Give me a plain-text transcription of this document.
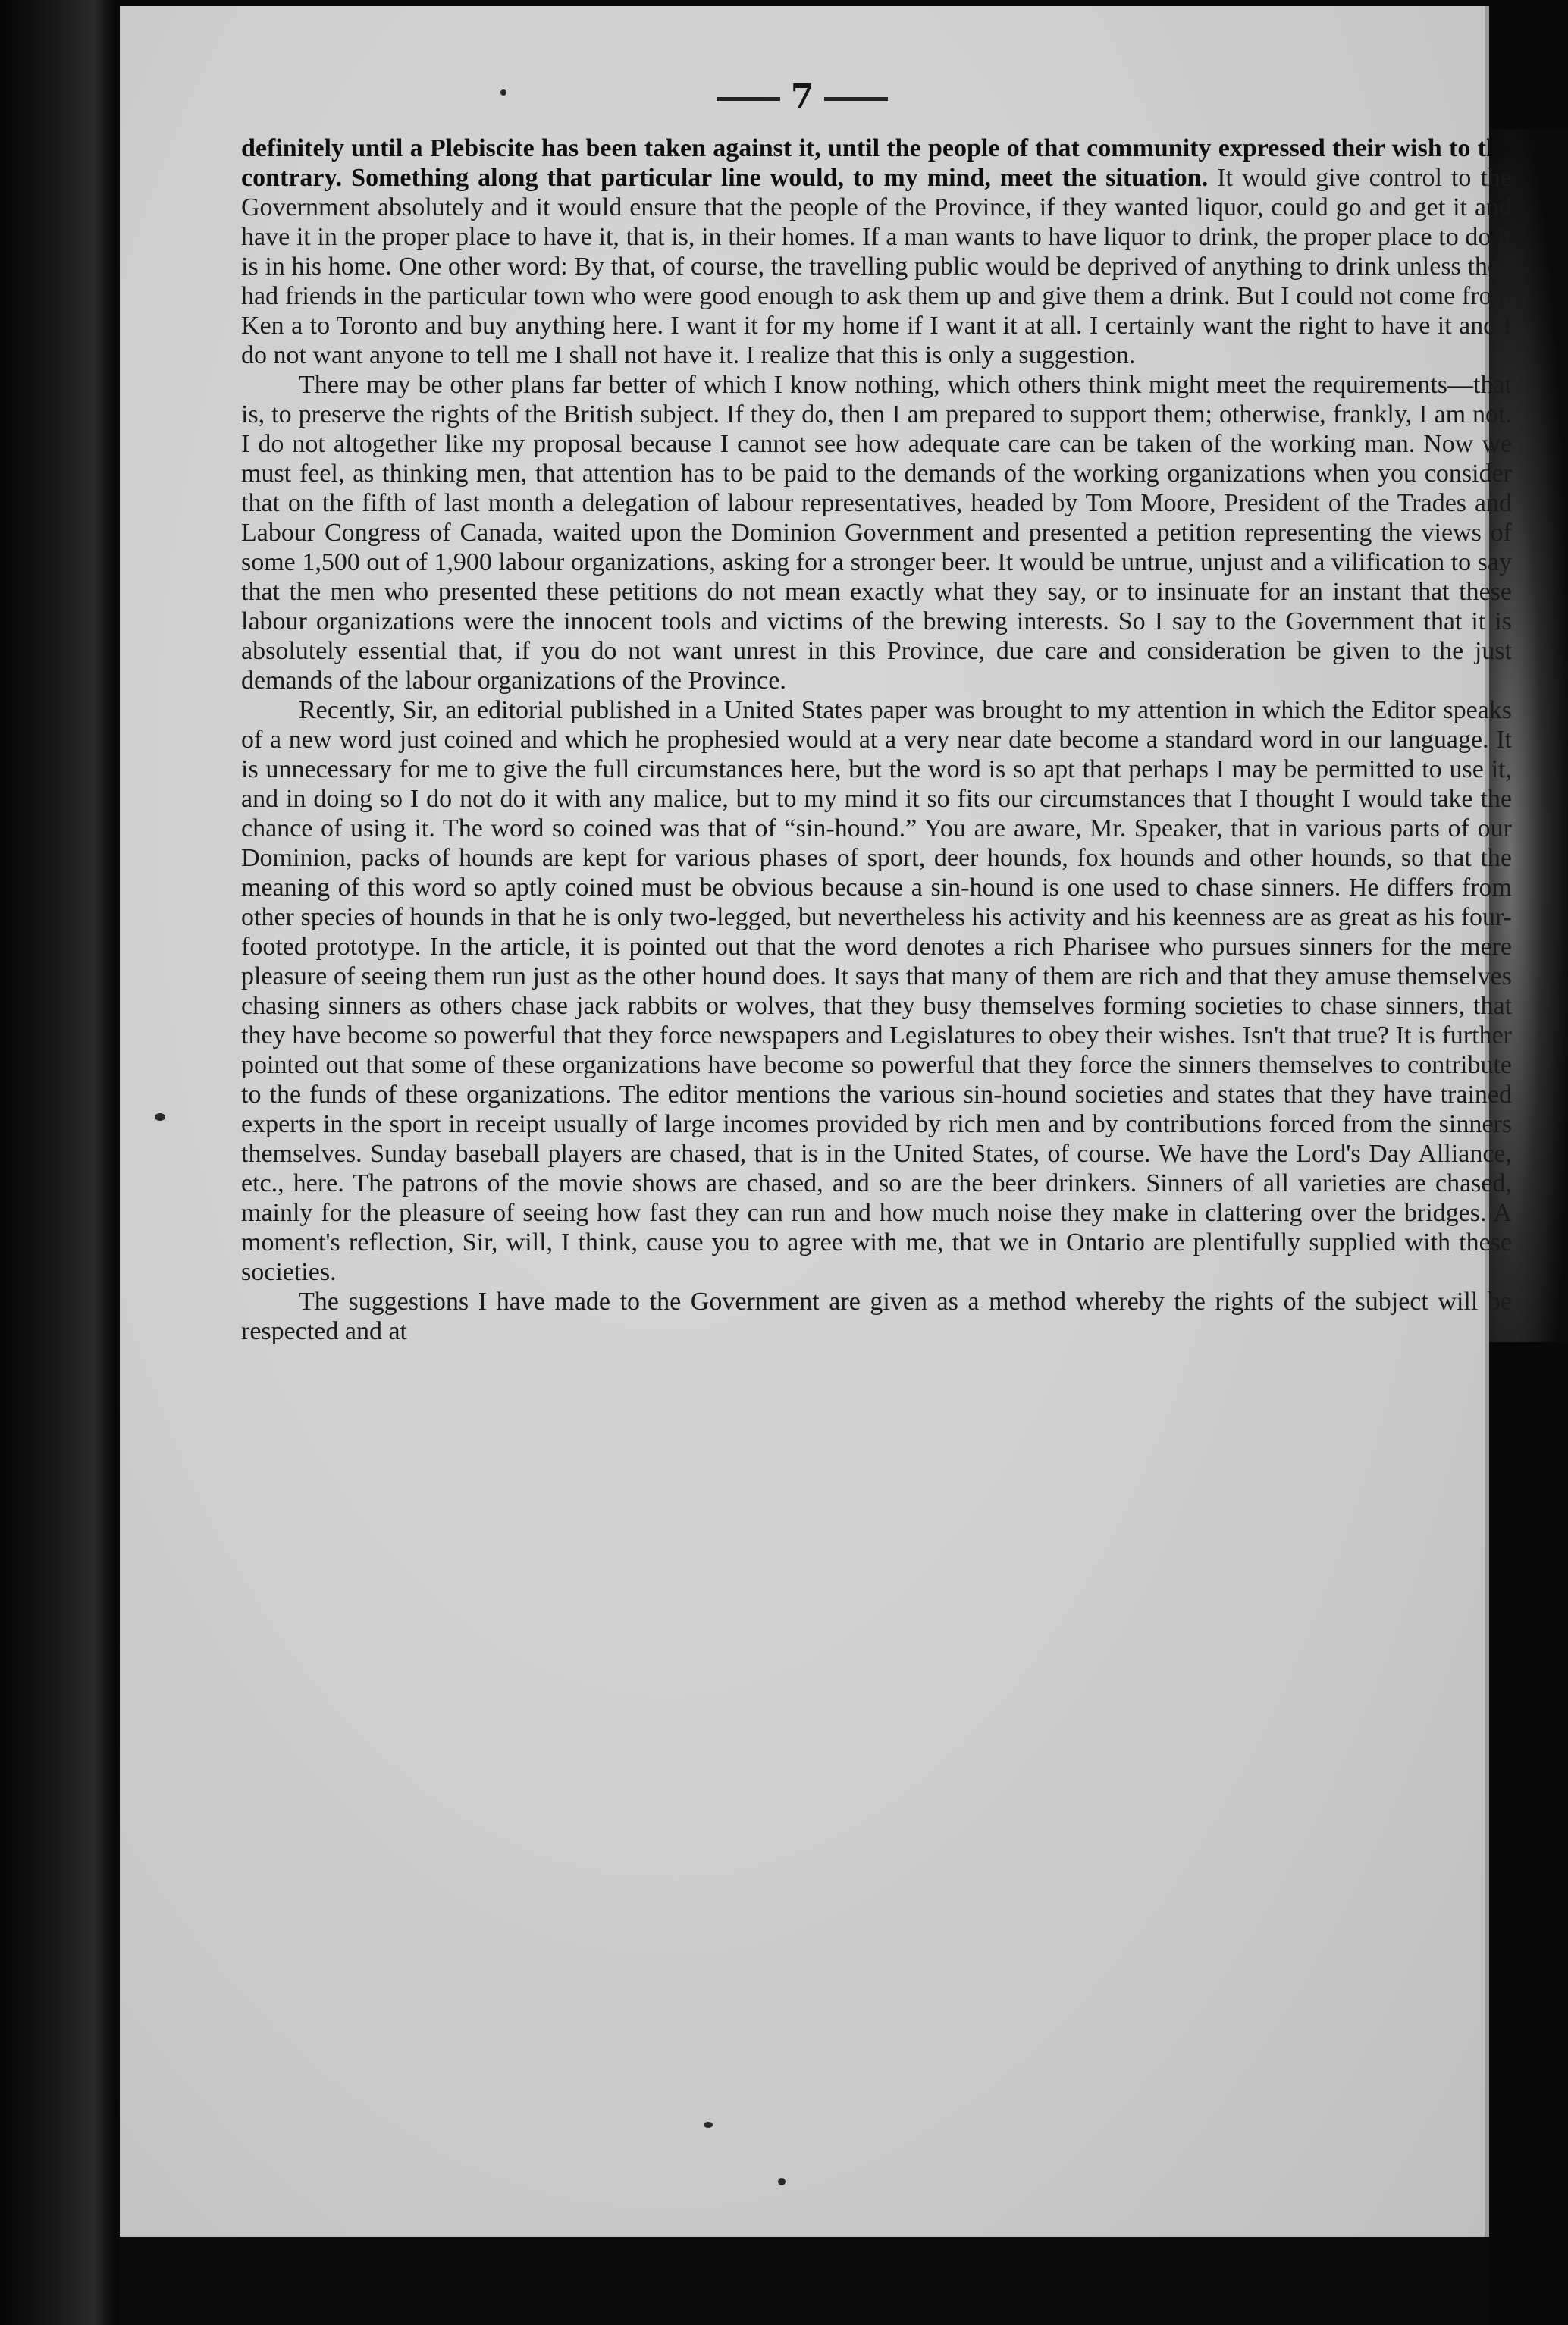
7

definitely until a Plebiscite has been taken against it, until the people of that community expressed their wish to the contrary. Something along that particular line would, to my mind, meet the situation. It would give control to the Government absolutely and it would ensure that the people of the Province, if they wanted liquor, could go and get it and have it in the proper place to have it, that is, in their homes. If a man wants to have liquor to drink, the proper place to do it is in his home. One other word: By that, of course, the travelling public would be deprived of anything to drink unless they had friends in the particular town who were good enough to ask them up and give them a drink. But I could not come from Ken a to Toronto and buy anything here. I want it for my home if I want it at all. I certainly want the right to have it and I do not want anyone to tell me I shall not have it. I realize that this is only a suggestion.

There may be other plans far better of which I know nothing, which others think might meet the requirements—that is, to preserve the rights of the British subject. If they do, then I am prepared to support them; otherwise, frankly, I am not. I do not altogether like my proposal because I cannot see how adequate care can be taken of the working man. Now we must feel, as thinking men, that attention has to be paid to the demands of the working organizations when you consider that on the fifth of last month a delegation of labour representatives, headed by Tom Moore, President of the Trades and Labour Congress of Canada, waited upon the Dominion Government and presented a petition representing the views of some 1,500 out of 1,900 labour organizations, asking for a stronger beer. It would be untrue, unjust and a vilification to say that the men who presented these petitions do not mean exactly what they say, or to insinuate for an instant that these labour organizations were the innocent tools and victims of the brewing interests. So I say to the Government that it is absolutely essential that, if you do not want unrest in this Province, due care and consideration be given to the just demands of the labour organizations of the Province.

Recently, Sir, an editorial published in a United States paper was brought to my attention in which the Editor speaks of a new word just coined and which he prophesied would at a very near date become a standard word in our language. It is unnecessary for me to give the full circumstances here, but the word is so apt that perhaps I may be permitted to use it, and in doing so I do not do it with any malice, but to my mind it so fits our circumstances that I thought I would take the chance of using it. The word so coined was that of “sin-hound.” You are aware, Mr. Speaker, that in various parts of our Dominion, packs of hounds are kept for various phases of sport, deer hounds, fox hounds and other hounds, so that the meaning of this word so aptly coined must be obvious because a sin-hound is one used to chase sinners. He differs from other species of hounds in that he is only two-legged, but nevertheless his activity and his keenness are as great as his four-footed prototype. In the article, it is pointed out that the word denotes a rich Pharisee who pursues sinners for the mere pleasure of seeing them run just as the other hound does. It says that many of them are rich and that they amuse themselves chasing sinners as others chase jack rabbits or wolves, that they busy themselves forming societies to chase sinners, that they have become so powerful that they force newspapers and Legislatures to obey their wishes. Isn't that true? It is further pointed out that some of these organizations have become so powerful that they force the sinners themselves to contribute to the funds of these organizations. The editor mentions the various sin-hound societies and states that they have trained experts in the sport in receipt usually of large incomes provided by rich men and by contributions forced from the sinners themselves. Sunday baseball players are chased, that is in the United States, of course. We have the Lord's Day Alliance, etc., here. The patrons of the movie shows are chased, and so are the beer drinkers. Sinners of all varieties are chased, mainly for the pleasure of seeing how fast they can run and how much noise they make in clattering over the bridges. A moment's reflection, Sir, will, I think, cause you to agree with me, that we in Ontario are plentifully supplied with these societies.

The suggestions I have made to the Government are given as a method whereby the rights of the subject will be respected and at
